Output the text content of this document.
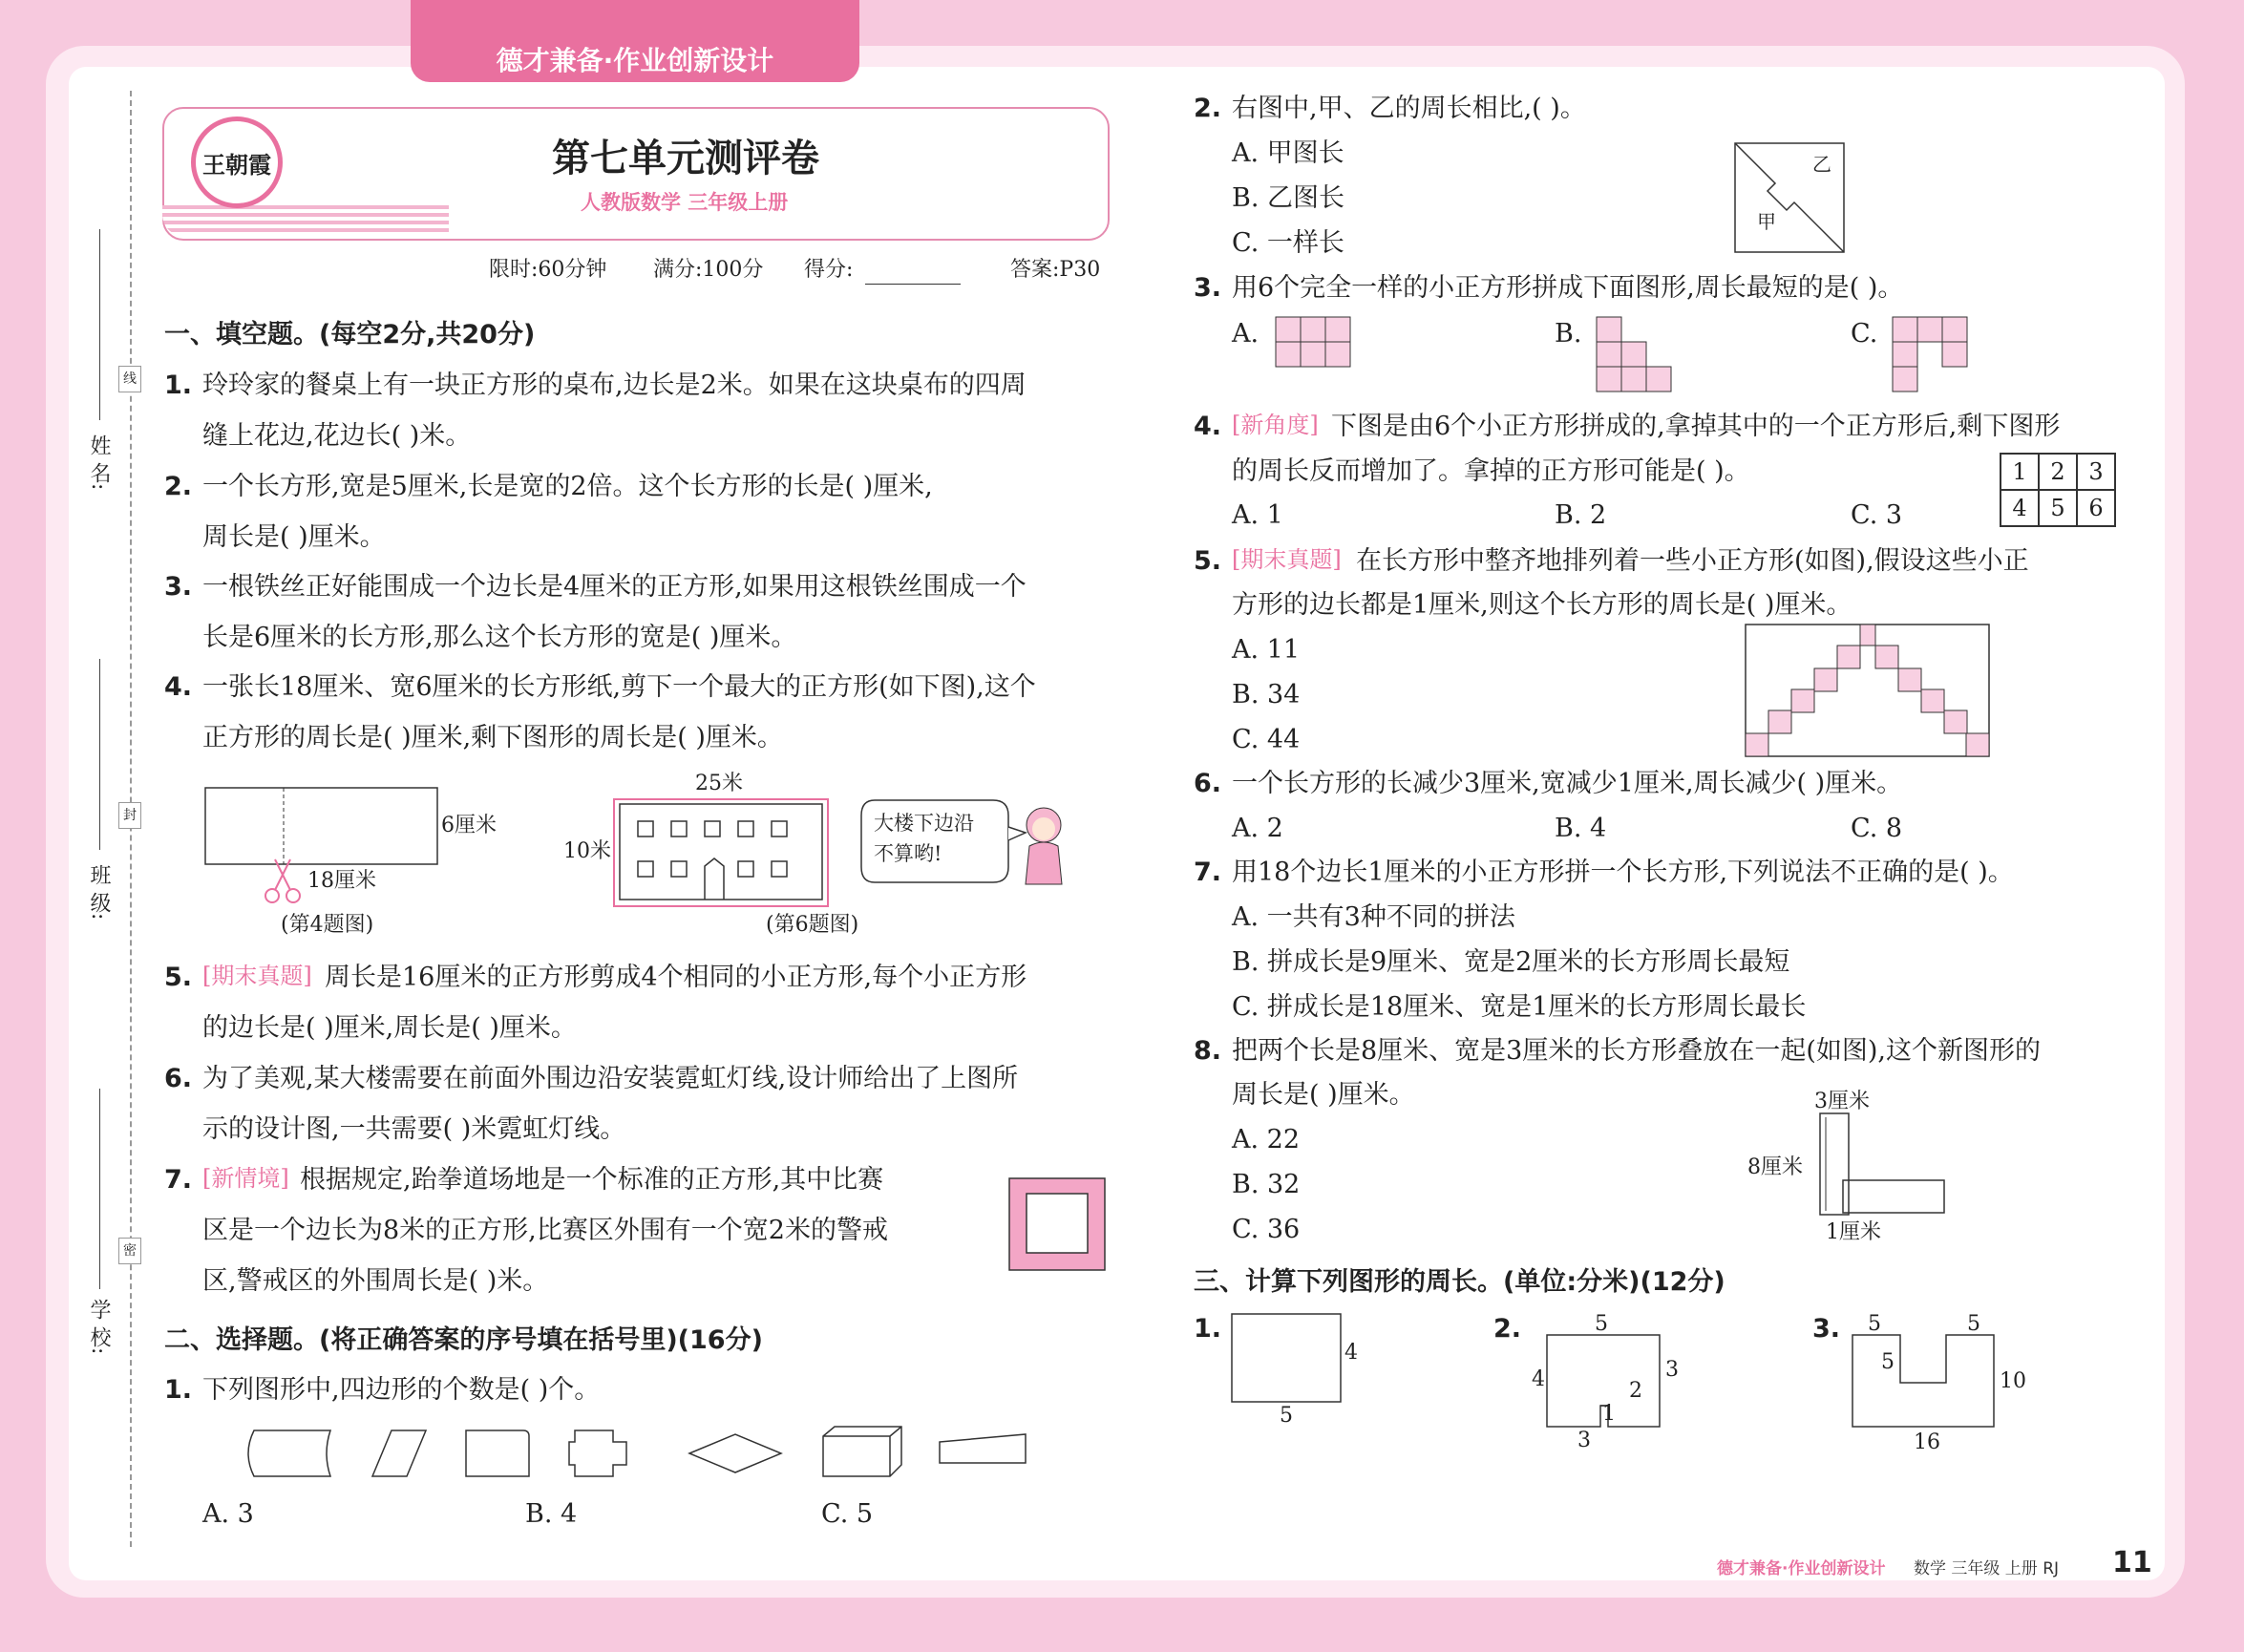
德才兼备·作业创新设计
线
封
密
姓 名:
班 级:
学 校:
王朝霞	第七单元测评卷
人教版数学 三年级上册
限时:60分钟 满分:100分 得分:	答案:P30
一、填空题。(每空2分,共20分)
1. 玲玲家的餐桌上有一块正方形的桌布,边长是2米。如果在这块桌布的四周
缝上花边,花边长( )米。
2. 一个长方形,宽是5厘米,长是宽的2倍。这个长方形的长是( )厘米,
周长是( )厘米。
3. 一根铁丝正好能围成一个边长是4厘米的正方形,如果用这根铁丝围成一个
长是6厘米的长方形,那么这个长方形的宽是( )厘米。
4. 一张长18厘米、宽6厘米的长方形纸,剪下一个最大的正方形(如下图),这个
正方形的周长是( )厘米,剩下图形的周长是( )厘米。
6厘米
18厘米
(第4题图)
25米
10米
(第6题图)
大楼下边沿
不算哟!
5. [期末真题] 周长是16厘米的正方形剪成4个相同的小正方形,每个小正方形
的边长是( )厘米,周长是( )厘米。
6. 为了美观,某大楼需要在前面外围边沿安装霓虹灯线,设计师给出了上图所
示的设计图,一共需要( )米霓虹灯线。
7. [新情境] 根据规定,跆拳道场地是一个标准的正方形,其中比赛
区是一个边长为8米的正方形,比赛区外围有一个宽2米的警戒
区,警戒区的外围周长是( )米。
二、选择题。(将正确答案的序号填在括号里)(16分)
1. 下列图形中,四边形的个数是( )个。
A. 3	B. 4	C. 5
2. 右图中,甲、乙的周长相比,( )。
A. 甲图长
B. 乙图长
C. 一样长
乙
甲
3. 用6个完全一样的小正方形拼成下面图形,周长最短的是( )。
A.	B.	C.
4. [新角度] 下图是由6个小正方形拼成的,拿掉其中的一个正方形后,剩下图形
的周长反而增加了。拿掉的正方形可能是( )。
A. 1	B. 2	C. 3
1	2	3
4	5	6
5. [期末真题] 在长方形中整齐地排列着一些小正方形(如图),假设这些小正
方形的边长都是1厘米,则这个长方形的周长是( )厘米。
A. 11
B. 34
C. 44
6. 一个长方形的长减少3厘米,宽减少1厘米,周长减少( )厘米。
A. 2	B. 4	C. 8
7. 用18个边长1厘米的小正方形拼一个长方形,下列说法不正确的是( )。
A. 一共有3种不同的拼法
B. 拼成长是9厘米、宽是2厘米的长方形周长最短
C. 拼成长是18厘米、宽是1厘米的长方形周长最长
8. 把两个长是8厘米、宽是3厘米的长方形叠放在一起(如图),这个新图形的
周长是( )厘米。
A. 22
B. 32
C. 36
3厘米
8厘米
1厘米
三、计算下列图形的周长。(单位:分米)(12分)
1.
4
5
2.	5
4	3
2
1
3
3. 5	5
5
10
16
德才兼备·作业创新设计 数学 三年级 上册 RJ 11
